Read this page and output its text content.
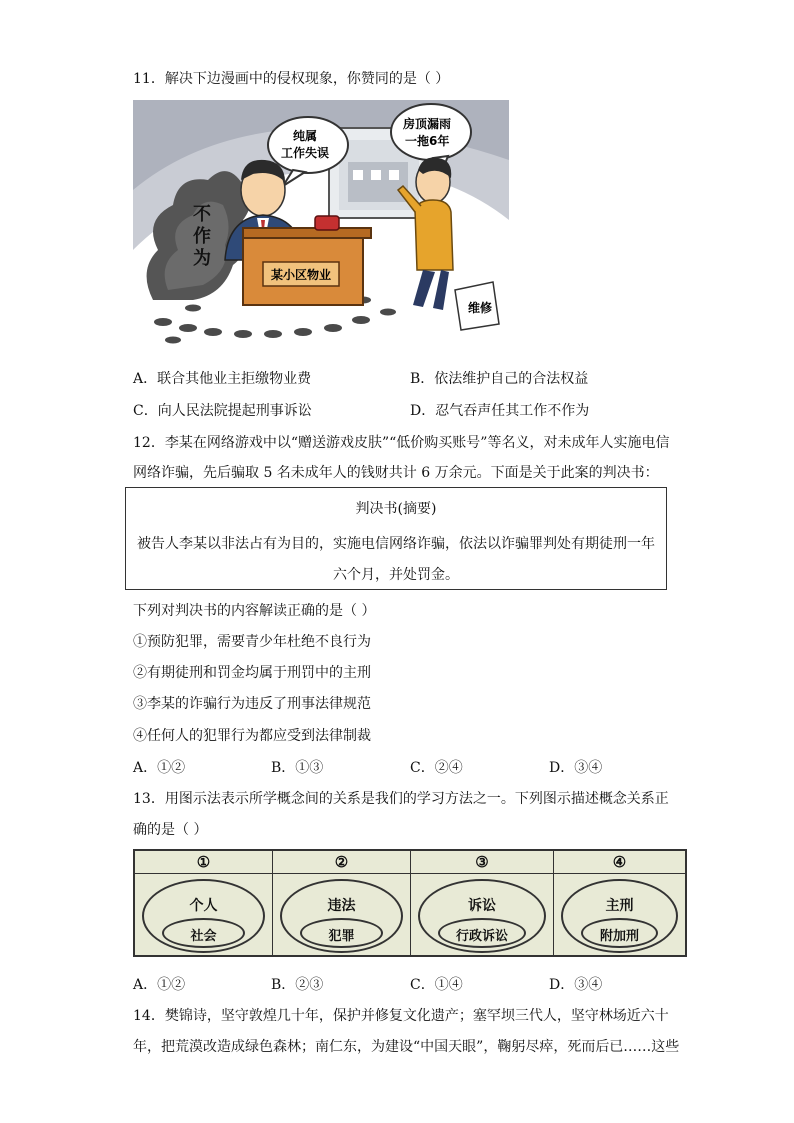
11．解决下边漫画中的侵权现象，你赞同的是（ ）
不
作
为
纯属
工作失误
房顶漏雨
一拖6年
某小区物业
维修
A．联合其他业主拒缴物业费	B．依法维护自己的合法权益
C．向人民法院提起刑事诉讼	D．忍气吞声任其工作不作为
12．李某在网络游戏中以“赠送游戏皮肤”“低价购买账号”等名义，对未成年人实施电信
网络诈骗，先后骗取 5 名未成年人的钱财共计 6 万余元。下面是关于此案的判决书：
判决书(摘要)
被告人李某以非法占有为目的，实施电信网络诈骗，依法以诈骗罪判处有期徒刑一年六个月，并处罚金。
下列对判决书的内容解读正确的是（ ）
①预防犯罪，需要青少年杜绝不良行为
②有期徒刑和罚金均属于刑罚中的主刑
③李某的诈骗行为违反了刑事法律规范
④任何人的犯罪行为都应受到法律制裁
A．①②	B．①③	C．②④	D．③④
13．用图示法表示所学概念间的关系是我们的学习方法之一。下列图示描述概念关系正
确的是（ ）
①
个人
社会
②
违法
犯罪
③
诉讼
行政诉讼
④
主刑
附加刑
A．①②	B．②③	C．①④	D．③④
14．樊锦诗，坚守敦煌几十年，保护并修复文化遗产；塞罕坝三代人，坚守林场近六十
年，把荒漠改造成绿色森林；南仁东，为建设“中国天眼”，鞠躬尽瘁，死而后已……这些
